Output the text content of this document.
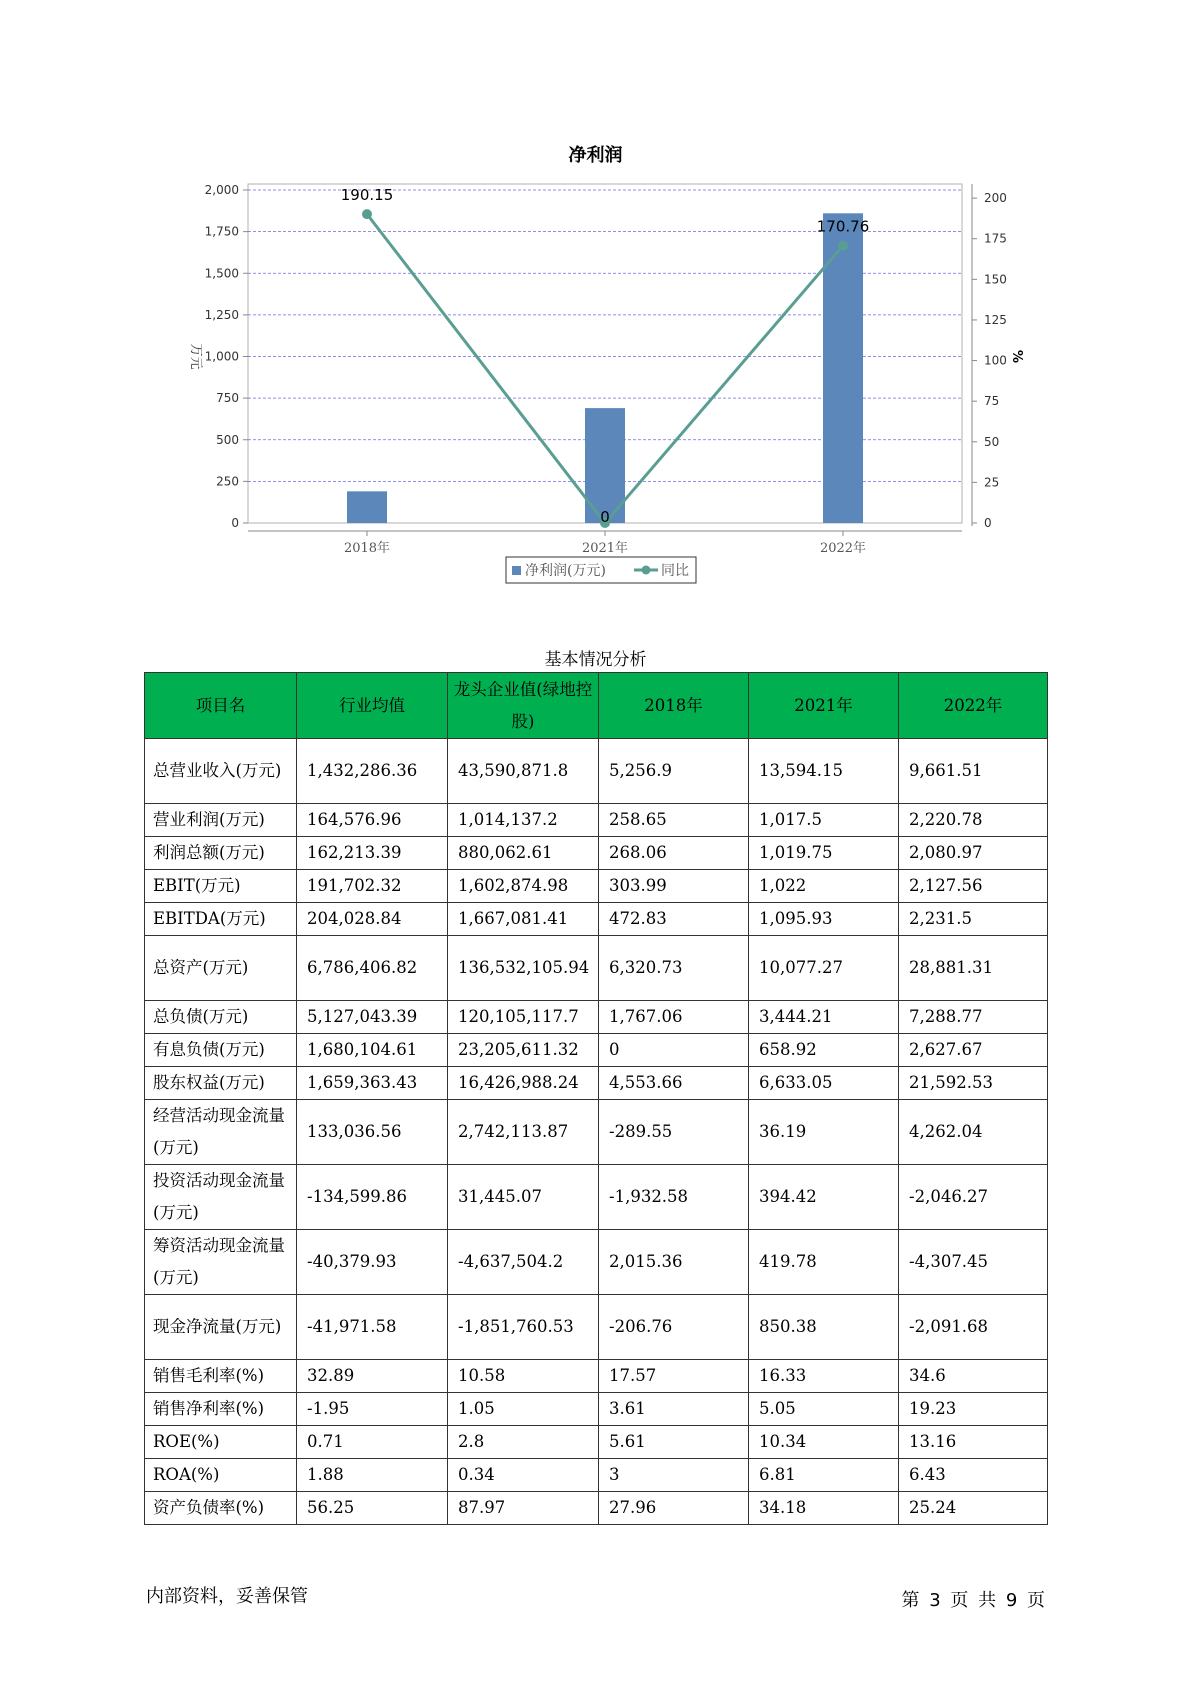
净利润
0
250
500
750
1,000
1,250
1,500
1,750
2,000
0
25
50
75
100
125
150
175
200
2018年	2021年	2022年
万元	%
190.15
0
170.76
净利润(万元)	同比
基本情况分析
项目名	行业均值	龙头企业值(绿地控股)	2018年	2021年	2022年
总营业收入(万元)	1,432,286.36	43,590,871.8	5,256.9	13,594.15	9,661.51
营业利润(万元)	164,576.96	1,014,137.2	258.65	1,017.5	2,220.78
利润总额(万元)	162,213.39	880,062.61	268.06	1,019.75	2,080.97
EBIT(万元)	191,702.32	1,602,874.98	303.99	1,022	2,127.56
EBITDA(万元)	204,028.84	1,667,081.41	472.83	1,095.93	2,231.5
总资产(万元)	6,786,406.82	136,532,105.94	6,320.73	10,077.27	28,881.31
总负债(万元)	5,127,043.39	120,105,117.7	1,767.06	3,444.21	7,288.77
有息负债(万元)	1,680,104.61	23,205,611.32	0	658.92	2,627.67
股东权益(万元)	1,659,363.43	16,426,988.24	4,553.66	6,633.05	21,592.53
经营活动现金流量(万元)	133,036.56	2,742,113.87	-289.55	36.19	4,262.04
投资活动现金流量(万元)	-134,599.86	31,445.07	-1,932.58	394.42	-2,046.27
筹资活动现金流量(万元)	-40,379.93	-4,637,504.2	2,015.36	419.78	-4,307.45
现金净流量(万元)	-41,971.58	-1,851,760.53	-206.76	850.38	-2,091.68
销售毛利率(%)	32.89	10.58	17.57	16.33	34.6
销售净利率(%)	-1.95	1.05	3.61	5.05	19.23
ROE(%)	0.71	2.8	5.61	10.34	13.16
ROA(%)	1.88	0.34	3	6.81	6.43
资产负债率(%)	56.25	87.97	27.96	34.18	25.24
内部资料，妥善保管	第 3 页 共 9 页
